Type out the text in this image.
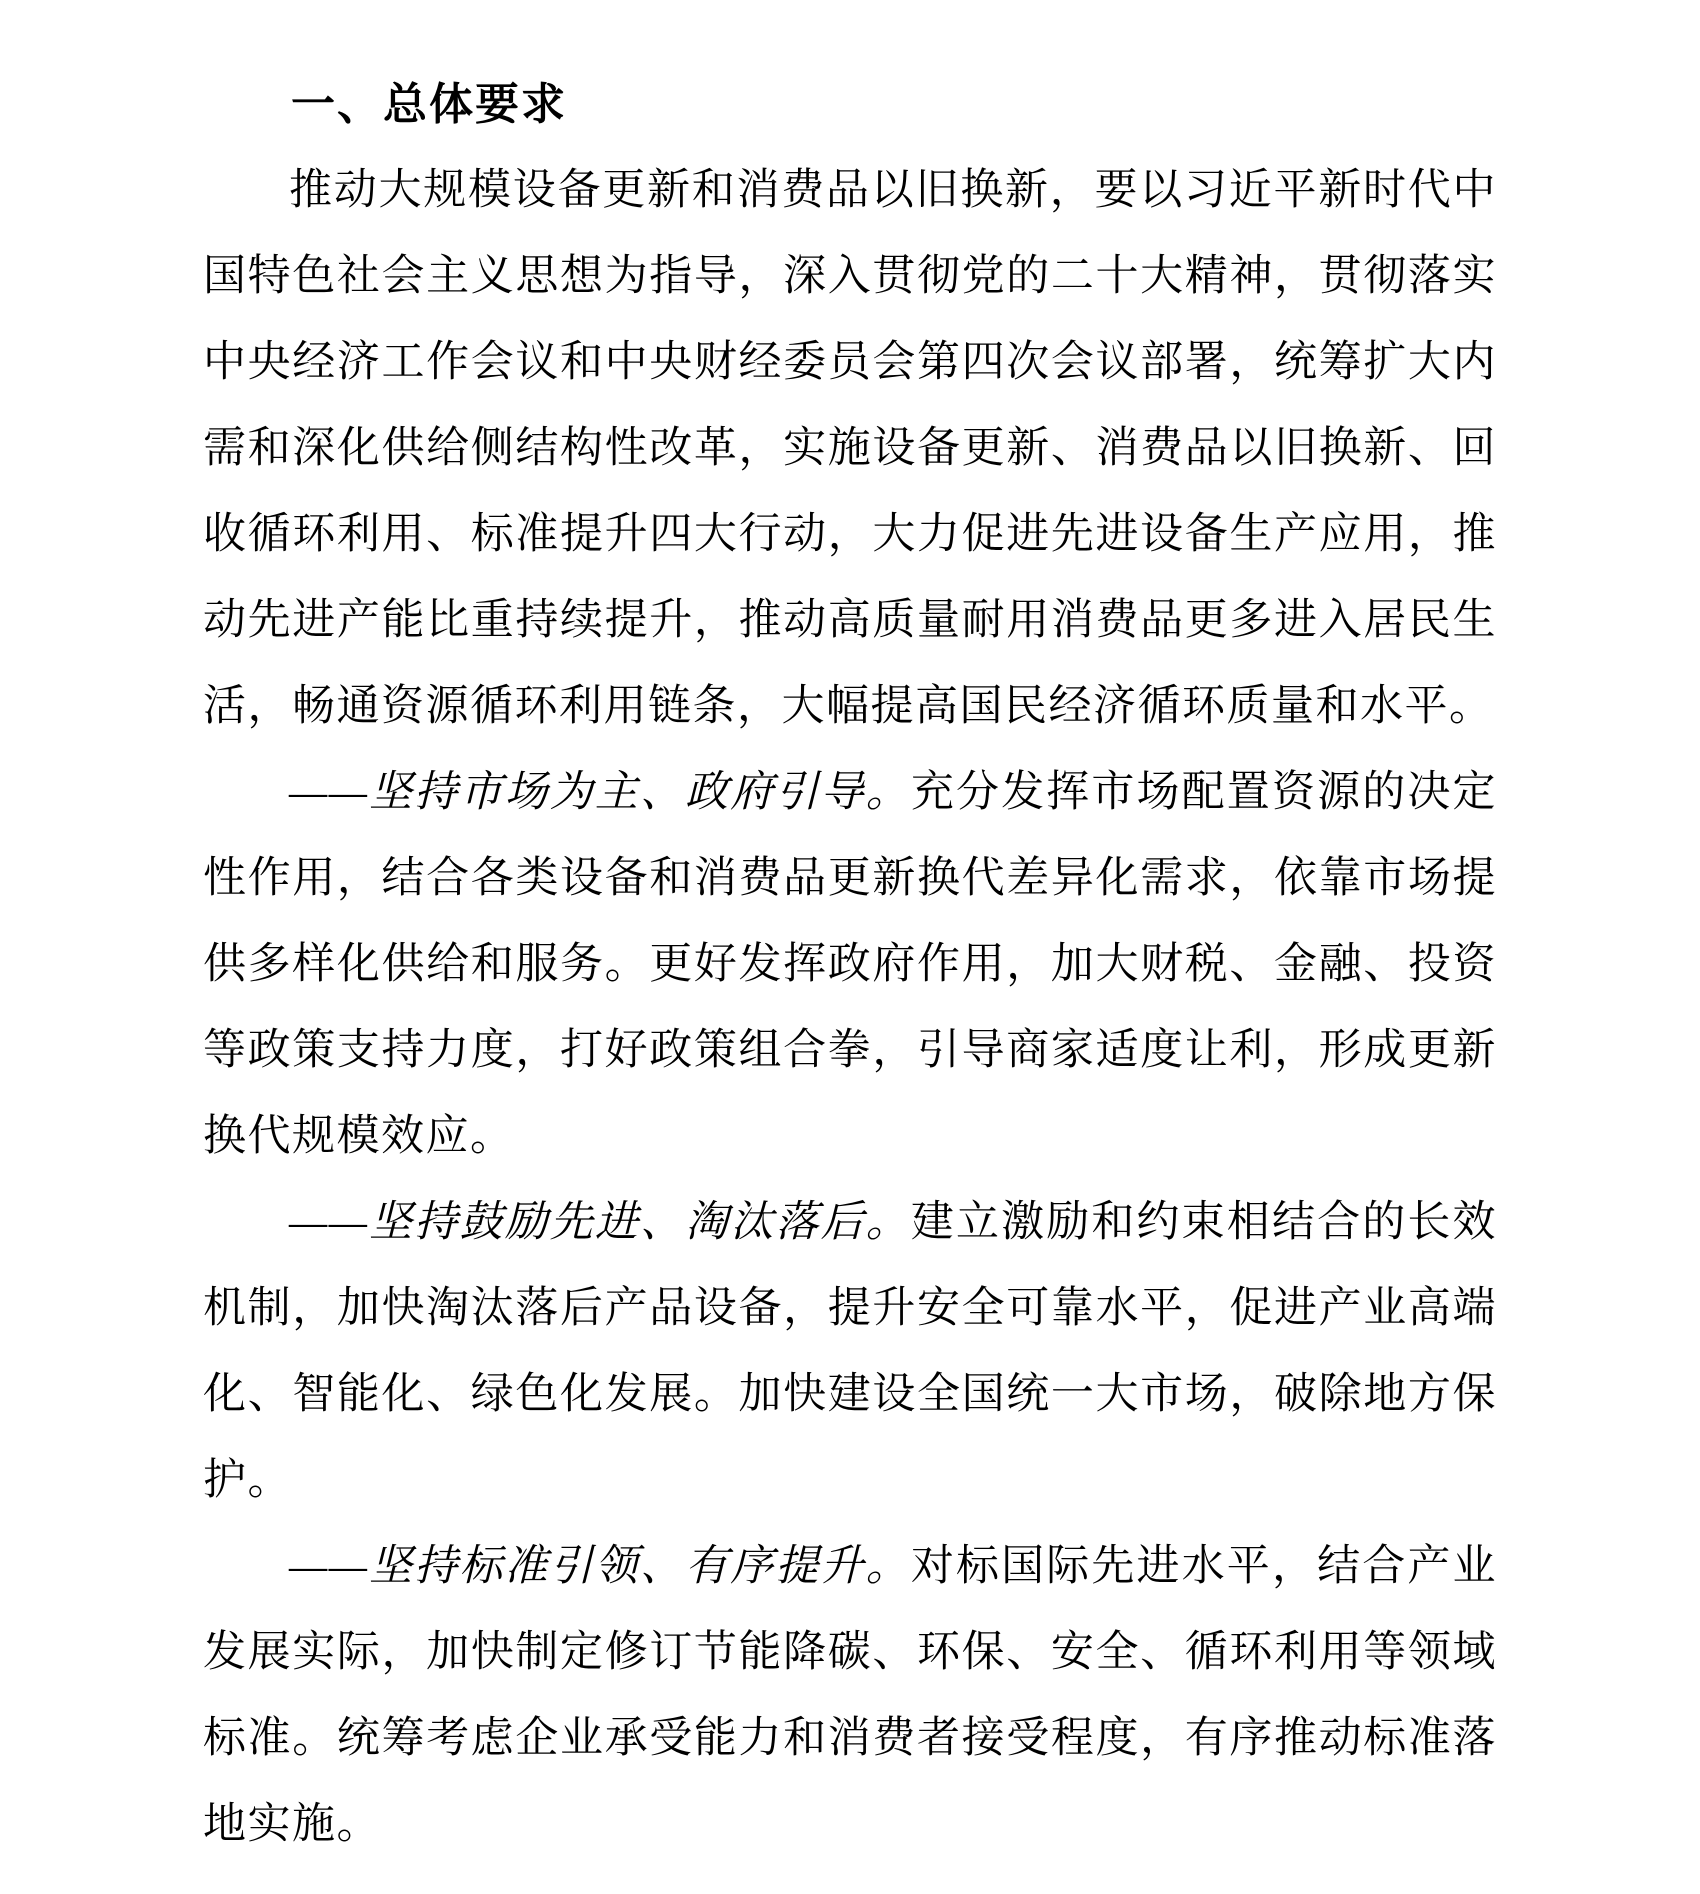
一、总体要求

推动大规模设备更新和消费品以旧换新，要以习近平新时代中国特色社会主义思想为指导，深入贯彻党的二十大精神，贯彻落实中央经济工作会议和中央财经委员会第四次会议部署，统筹扩大内需和深化供给侧结构性改革，实施设备更新、消费品以旧换新、回收循环利用、标准提升四大行动，大力促进先进设备生产应用，推动先进产能比重持续提升，推动高质量耐用消费品更多进入居民生活，畅通资源循环利用链条，大幅提高国民经济循环质量和水平。

——坚持市场为主、政府引导。充分发挥市场配置资源的决定性作用，结合各类设备和消费品更新换代差异化需求，依靠市场提供多样化供给和服务。更好发挥政府作用，加大财税、金融、投资等政策支持力度，打好政策组合拳，引导商家适度让利，形成更新换代规模效应。

——坚持鼓励先进、淘汰落后。建立激励和约束相结合的长效机制，加快淘汰落后产品设备，提升安全可靠水平，促进产业高端化、智能化、绿色化发展。加快建设全国统一大市场，破除地方保护。

——坚持标准引领、有序提升。对标国际先进水平，结合产业发展实际，加快制定修订节能降碳、环保、安全、循环利用等领域标准。统筹考虑企业承受能力和消费者接受程度，有序推动标准落地实施。
